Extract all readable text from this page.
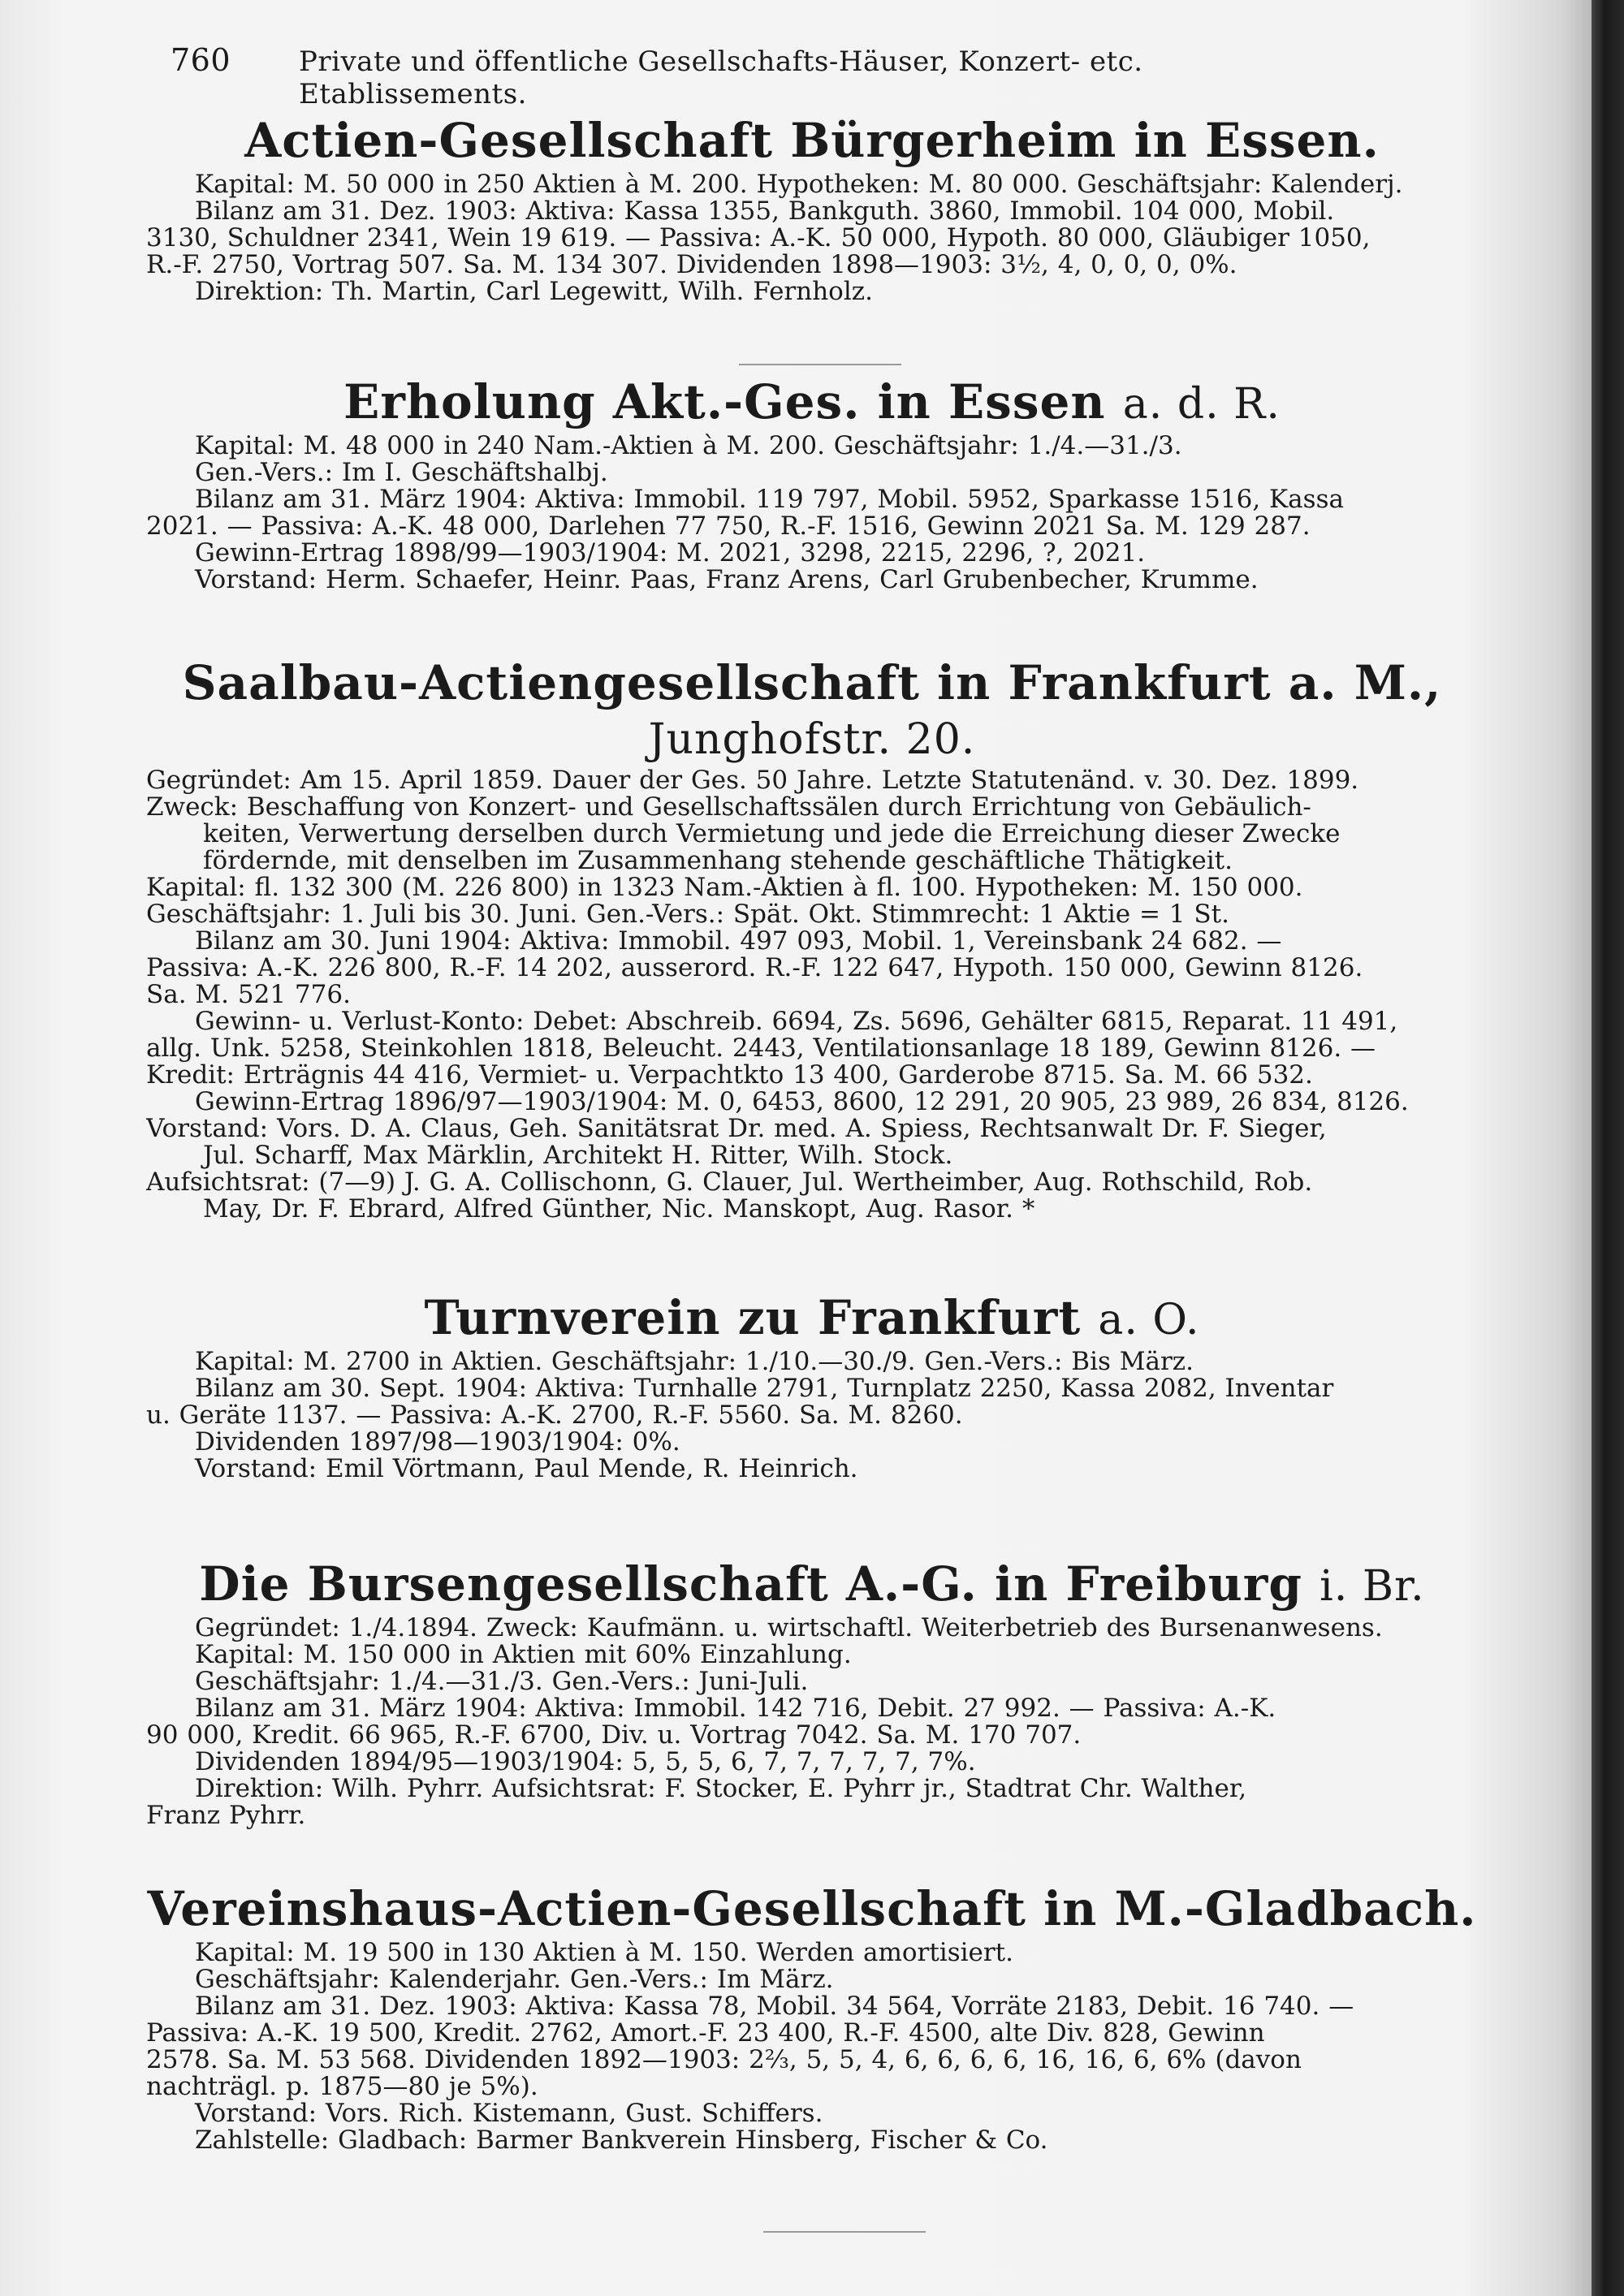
760 Private und öffentliche Gesellschafts-Häuser, Konzert- etc. Etablissements.
Actien-Gesellschaft Bürgerheim in Essen.
Kapital: M. 50 000 in 250 Aktien à M. 200. Hypotheken: M. 80 000. Geschäftsjahr: Kalenderj.
Bilanz am 31. Dez. 1903: Aktiva: Kassa 1355, Bankguth. 3860, Immobil. 104 000, Mobil.
3130, Schuldner 2341, Wein 19 619. — Passiva: A.-K. 50 000, Hypoth. 80 000, Gläubiger 1050,
R.-F. 2750, Vortrag 507. Sa. M. 134 307. Dividenden 1898—1903: 3½, 4, 0, 0, 0, 0%.
Direktion: Th. Martin, Carl Legewitt, Wilh. Fernholz.
Erholung Akt.-Ges. in Essen a. d. R.
Kapital: M. 48 000 in 240 Nam.-Aktien à M. 200. Geschäftsjahr: 1./4.—31./3.
Gen.-Vers.: Im I. Geschäftshalbj.
Bilanz am 31. März 1904: Aktiva: Immobil. 119 797, Mobil. 5952, Sparkasse 1516, Kassa
2021. — Passiva: A.-K. 48 000, Darlehen 77 750, R.-F. 1516, Gewinn 2021 Sa. M. 129 287.
Gewinn-Ertrag 1898/99—1903/1904: M. 2021, 3298, 2215, 2296, ?, 2021.
Vorstand: Herm. Schaefer, Heinr. Paas, Franz Arens, Carl Grubenbecher, Krumme.
Saalbau-Actiengesellschaft in Frankfurt a. M., Junghofstr. 20.
Gegründet: Am 15. April 1859. Dauer der Ges. 50 Jahre. Letzte Statutenänd. v. 30. Dez. 1899.
Zweck: Beschaffung von Konzert- und Gesellschaftssälen durch Errichtung von Gebäulich-
keiten, Verwertung derselben durch Vermietung und jede die Erreichung dieser Zwecke
fördernde, mit denselben im Zusammenhang stehende geschäftliche Thätigkeit.
Kapital: fl. 132 300 (M. 226 800) in 1323 Nam.-Aktien à fl. 100. Hypotheken: M. 150 000.
Geschäftsjahr: 1. Juli bis 30. Juni. Gen.-Vers.: Spät. Okt. Stimmrecht: 1 Aktie = 1 St.
Bilanz am 30. Juni 1904: Aktiva: Immobil. 497 093, Mobil. 1, Vereinsbank 24 682. —
Passiva: A.-K. 226 800, R.-F. 14 202, ausserord. R.-F. 122 647, Hypoth. 150 000, Gewinn 8126.
Sa. M. 521 776.
Gewinn- u. Verlust-Konto: Debet: Abschreib. 6694, Zs. 5696, Gehälter 6815, Reparat. 11 491,
allg. Unk. 5258, Steinkohlen 1818, Beleucht. 2443, Ventilationsanlage 18 189, Gewinn 8126. —
Kredit: Erträgnis 44 416, Vermiet- u. Verpachtkto 13 400, Garderobe 8715. Sa. M. 66 532.
Gewinn-Ertrag 1896/97—1903/1904: M. 0, 6453, 8600, 12 291, 20 905, 23 989, 26 834, 8126.
Vorstand: Vors. D. A. Claus, Geh. Sanitätsrat Dr. med. A. Spiess, Rechtsanwalt Dr. F. Sieger,
Jul. Scharff, Max Märklin, Architekt H. Ritter, Wilh. Stock.
Aufsichtsrat: (7—9) J. G. A. Collischonn, G. Clauer, Jul. Wertheimber, Aug. Rothschild, Rob.
May, Dr. F. Ebrard, Alfred Günther, Nic. Manskopt, Aug. Rasor. *
Turnverein zu Frankfurt a. O.
Kapital: M. 2700 in Aktien. Geschäftsjahr: 1./10.—30./9. Gen.-Vers.: Bis März.
Bilanz am 30. Sept. 1904: Aktiva: Turnhalle 2791, Turnplatz 2250, Kassa 2082, Inventar
u. Geräte 1137. — Passiva: A.-K. 2700, R.-F. 5560. Sa. M. 8260.
Dividenden 1897/98—1903/1904: 0%.
Vorstand: Emil Vörtmann, Paul Mende, R. Heinrich.
Die Bursengesellschaft A.-G. in Freiburg i. Br.
Gegründet: 1./4.1894. Zweck: Kaufmänn. u. wirtschaftl. Weiterbetrieb des Bursenanwesens.
Kapital: M. 150 000 in Aktien mit 60% Einzahlung.
Geschäftsjahr: 1./4.—31./3. Gen.-Vers.: Juni-Juli.
Bilanz am 31. März 1904: Aktiva: Immobil. 142 716, Debit. 27 992. — Passiva: A.-K.
90 000, Kredit. 66 965, R.-F. 6700, Div. u. Vortrag 7042. Sa. M. 170 707.
Dividenden 1894/95—1903/1904: 5, 5, 5, 6, 7, 7, 7, 7, 7, 7%.
Direktion: Wilh. Pyhrr. Aufsichtsrat: F. Stocker, E. Pyhrr jr., Stadtrat Chr. Walther,
Franz Pyhrr.
Vereinshaus-Actien-Gesellschaft in M.-Gladbach.
Kapital: M. 19 500 in 130 Aktien à M. 150. Werden amortisiert.
Geschäftsjahr: Kalenderjahr. Gen.-Vers.: Im März.
Bilanz am 31. Dez. 1903: Aktiva: Kassa 78, Mobil. 34 564, Vorräte 2183, Debit. 16 740. —
Passiva: A.-K. 19 500, Kredit. 2762, Amort.-F. 23 400, R.-F. 4500, alte Div. 828, Gewinn
2578. Sa. M. 53 568. Dividenden 1892—1903: 2⅔, 5, 5, 4, 6, 6, 6, 6, 16, 16, 6, 6% (davon
nachträgl. p. 1875—80 je 5%).
Vorstand: Vors. Rich. Kistemann, Gust. Schiffers.
Zahlstelle: Gladbach: Barmer Bankverein Hinsberg, Fischer & Co.
